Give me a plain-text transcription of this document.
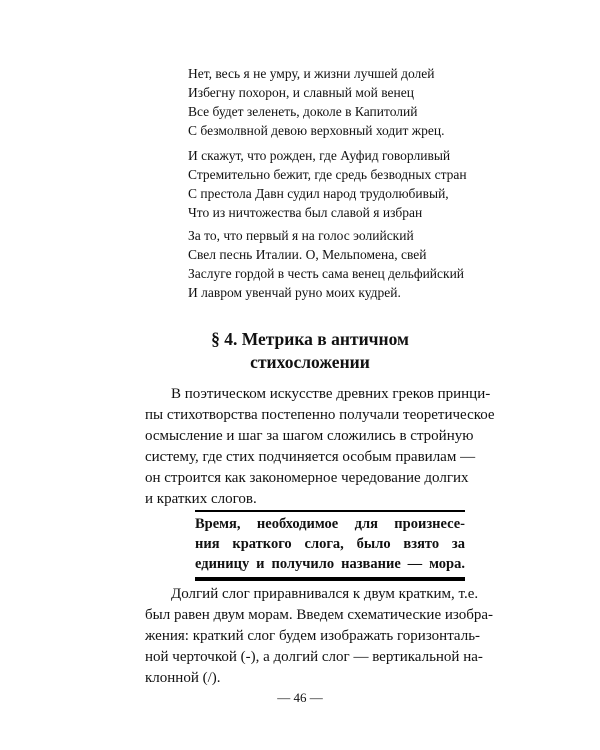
Нет, весь я не умру, и жизни лучшей долей
Избегну похорон, и славный мой венец
Все будет зеленеть, доколе в Капитолий
С безмолвной девою верховный ходит жрец.
И скажут, что рожден, где Ауфид говорливый
Стремительно бежит, где средь безводных стран
С престола Давн судил народ трудолюбивый,
Что из ничтожества был славой я избран
За то, что первый я на голос эолийский
Свел песнь Италии. О, Мельпомена, свей
Заслуге гордой в честь сама венец дельфийский
И лавром увенчай руно моих кудрей.
§ 4. Метрика в античном
стихосложении
В поэтическом искусстве древних греков принци-
пы стихотворства постепенно получали теоретическое
осмысление и шаг за шагом сложились в стройную
систему, где стих подчиняется особым правилам —
он строится как закономерное чередование долгих
и кратких слогов.
Время, необходимое для произнесе-
ния краткого слога, было взято за
единицу и получило название — мора.
Долгий слог приравнивался к двум кратким, т.е.
был равен двум морам. Введем схематические изобра-
жения: краткий слог будем изображать горизонталь-
ной черточкой (-), а долгий слог — вертикальной на-
клонной (/).
— 46 —
